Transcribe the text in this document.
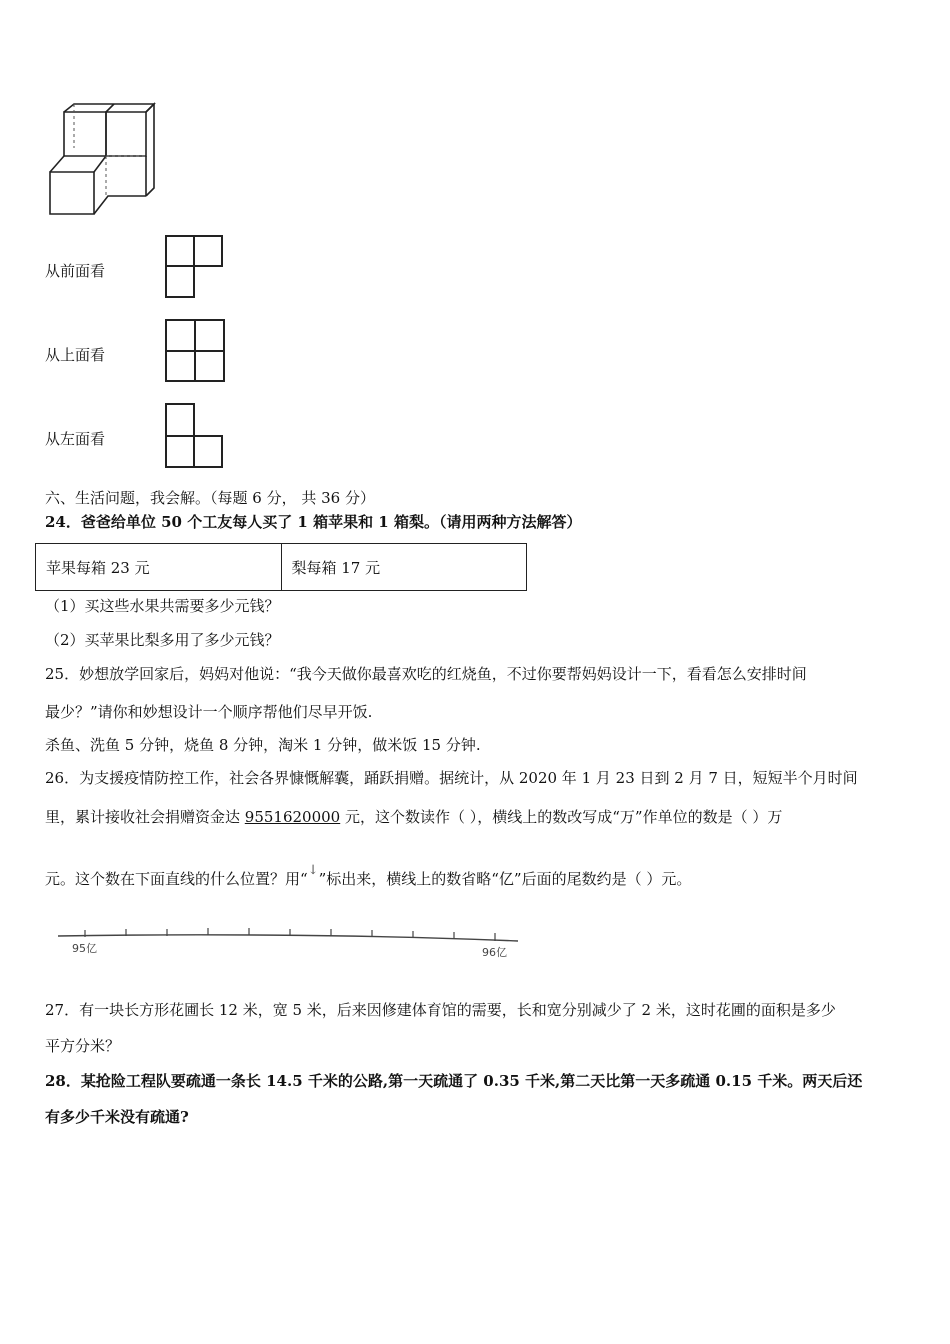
从前面看
从上面看
从左面看
六、生活问题，我会解。（每题 6 分， 共 36 分）
24．爸爸给单位 50 个工友每人买了 1 箱苹果和 1 箱梨。（请用两种方法解答）
苹果每箱 23 元	梨每箱 17 元
（1）买这些水果共需要多少元钱？
（2）买苹果比梨多用了多少元钱？
25．妙想放学回家后，妈妈对他说：“我今天做你最喜欢吃的红烧鱼，不过你要帮妈妈设计一下，看看怎么安排时间
最少？”请你和妙想设计一个顺序帮他们尽早开饭.
杀鱼、洗鱼 5 分钟，烧鱼 8 分钟，淘米 1 分钟，做米饭 15 分钟.
26．为支援疫情防控工作，社会各界慷慨解囊，踊跃捐赠。据统计，从 2020 年 1 月 23 日到 2 月 7 日，短短半个月时间
里，累计接收社会捐赠资金达 9551620000 元，这个数读作（ ），横线上的数改写成“万”作单位的数是（ ）万
元。这个数在下面直线的什么位置？用“↓”标出来，横线上的数省略“亿”后面的尾数约是（ ）元。
95亿	96亿
27．有一块长方形花圃长 12 米，宽 5 米，后来因修建体育馆的需要，长和宽分别减少了 2 米，这时花圃的面积是多少
平方分米？
28．某抢险工程队要疏通一条长 14.5 千米的公路,第一天疏通了 0.35 千米,第二天比第一天多疏通 0.15 千米。两天后还
有多少千米没有疏通?
